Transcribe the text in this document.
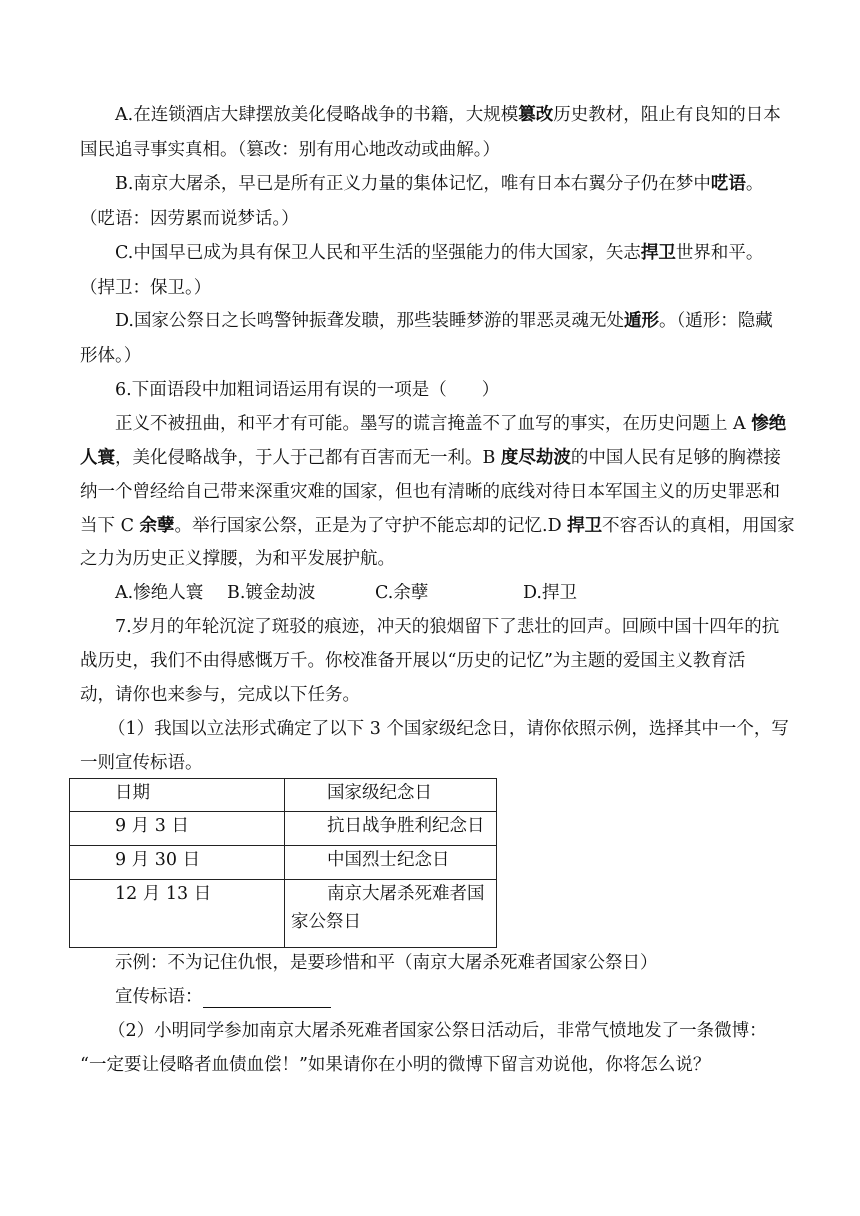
A.在连锁酒店大肆摆放美化侵略战争的书籍，大规模篡改历史教材，阻止有良知的日本
国民追寻事实真相。（篡改：别有用心地改动或曲解。）
B.南京大屠杀，早已是所有正义力量的集体记忆，唯有日本右翼分子仍在梦中呓语。
（呓语：因劳累而说梦话。）
C.中国早已成为具有保卫人民和平生活的坚强能力的伟大国家，矢志捍卫世界和平。
（捍卫：保卫。）
D.国家公祭日之长鸣警钟振聋发聩，那些装睡梦游的罪恶灵魂无处遁形。（遁形：隐藏
形体。）
6.下面语段中加粗词语运用有误的一项是（　　）
正义不被扭曲，和平才有可能。墨写的谎言掩盖不了血写的事实，在历史问题上 A 惨绝
人寰，美化侵略战争，于人于己都有百害而无一利。B 度尽劫波的中国人民有足够的胸襟接
纳一个曾经给自己带来深重灾难的国家，但也有清晰的底线对待日本军国主义的历史罪恶和
当下 C 余孽。举行国家公祭，正是为了守护不能忘却的记忆.D 捍卫不容否认的真相，用国家
之力为历史正义撑腰，为和平发展护航。
A.惨绝人寰 B.镀金劫波	C.余孽	D.捍卫
7.岁月的年轮沉淀了斑驳的痕迹，冲天的狼烟留下了悲壮的回声。回顾中国十四年的抗
战历史，我们不由得感慨万千。你校准备开展以“历史的记忆”为主题的爱国主义教育活
动，请你也来参与，完成以下任务。
（1）我国以立法形式确定了以下 3 个国家级纪念日，请你依照示例，选择其中一个，写
一则宣传标语。
日期	国家级纪念日

9 月 3 日	抗日战争胜利纪念日

9 月 30 日	中国烈士纪念日

12 月 13 日	南京大屠杀死难者国
家公祭日
示例：不为记住仇恨，是要珍惜和平（南京大屠杀死难者国家公祭日）
宣传标语：
（2）小明同学参加南京大屠杀死难者国家公祭日活动后，非常气愤地发了一条微博：
“一定要让侵略者血债血偿！”如果请你在小明的微博下留言劝说他，你将怎么说？
